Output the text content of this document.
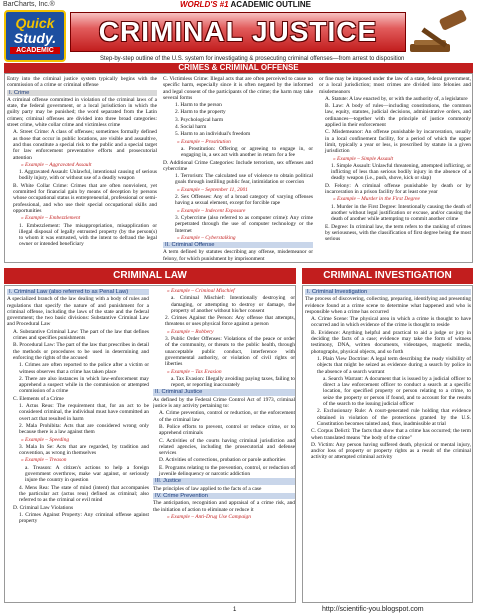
BarCharts, Inc.®	WORLD'S #1 ACADEMIC OUTLINE
Quick
Study.
ACADEMIC
CRIMINAL JUSTICE
Step-by-step outline of the U.S. system for investigating & prosecuting criminal offenses—from arrest to disposition
CRIMES & CRIMINAL OFFENSE
Entry into the criminal justice system typically begins with the commission of a crime or criminal offense
I. Crime
A criminal offense committed in violation of the criminal laws of a state, the federal government, or a local jurisdiction in which the guilty party may be punished; the word separated from the Latin crimen; criminal offenses are divided into three broad categories: street crime, white collar crime and victimless crime
A. Street Crime: A class of offenses; sometimes formally defined as those that occur in public locations, are visible and assaultive, and thus constitute a special risk to the public and a special target for law enforcement preventative efforts and prosecutorial attention
» Example – Aggravated Assault
1. Aggravated Assault: Unlawful, intentional causing of serious bodily injury, with or without use of a deadly weapon
B. White Collar Crime: Crimes that are often nonviolent, yet committed for financial gain by means of deception by persons whose occupational status is entrepreneurial, professional or semi-professional, and who use their special occupational skills and opportunities
» Example – Embezzlement
1. Embezzlement: The misappropriation, misapplication or illegal disposal of legally entrusted property (by the person(s) to whom it was entrusted, with the intent to defraud the legal owner or intended beneficiary
C. Victimless Crime: Illegal acts that are often perceived to cause no specific harm, especially since it is often negated by the informed and legal consent of the participants of the crime; the harm may take several forms
1. Harm to the person
2. Harm to the property
3. Psychological harm
4. Social harm
5. Harm to an individual's freedom
» Example – Prostitution
a. Prostitution: Offering or agreeing to engage in, or engaging in, a sex act with another in return for a fee
D. Additional Crime Categories: Include terrorism, sex offenses and cybercrime
1. Terrorism: The calculated use of violence to obtain political goals through instilling public fear, intimidation or coercion
» Example – September 11, 2001
2. Sex Offenses: Any of a broad category of varying offenses having a sexual element, except for forcible rape
» Example – Indecent Exposure
3. Cybercrime (also referred to as computer crime): Any crime perpetrated through the use of computer technology or the Internet
» Example – Cyberstalking
II. Criminal Offense
A term defined by statutes describing any offense, misdemeanor or felony, for which punishment by imprisonment
or fine may be imposed under the law of a state, federal government, or a local jurisdiction; most crimes are divided into felonies and misdemeanors
A. Statute: A law enacted by, or with the authority of, a legislature
B. Law: A body of rules—including constitutions, the common law, equity, statutes, judicial decisions, administrative orders, and ordinances—together with the principle of justice commonly applied in their enforcement
C. Misdemeanor: An offense punishable by incarceration, usually in a local confinement facility, for a period of which the upper limit, typically a year or less, is prescribed by statute in a given jurisdiction
» Example – Simple Assault
1. Simple Assault: Unlawful threatening, attempted inflicting, or inflicting of less than serious bodily injury in the absence of a deadly weapon (i.e., push, shove, kick or slap)
D. Felony: A criminal offense punishable by death or by incarceration in a prison facility for at least one year
» Example – Murder in the First Degree
1. Murder in the First Degree: Intentionally causing the death of another without legal justification or excuse, and/or causing the death of another while attempting to commit another crime
E. Degree: In criminal law, the term refers to the ranking of crimes by seriousness, with the classification of first degree being the most serious
CRIMINAL LAW
I. Criminal Law (also referred to as Penal Law)
A specialized branch of the law dealing with a body of rules and regulations that specify the nature of and punishment for a criminal offense, including the laws of the state and the federal government; the two basic divisions: Substantive Criminal Law and Procedural Law
A. Substantive Criminal Law: The part of the law that defines crimes and specifies punishments
B. Procedural Law: The part of the law that prescribes in detail the methods or procedures to be used in determining and enforcing the rights of the accused
1. Crimes are often reported to the police after a victim or witness observes that a crime has taken place
2. There are also instances in which law-enforcement may apprehend a suspect while in the commission or attempted commission of a crime
C. Elements of a Crime
1. Actus Reus: The requirement that, for an act to be considered criminal, the individual must have committed an overt act that resulted in harm
2. Mala Prohibita: Acts that are considered wrong only because there is a law against them
» Example – Speeding
3. Mala In Se: Acts that are regarded, by tradition and convention, as wrong in themselves
» Example – Treason
a. Treason: A citizen's actions to help a foreign government overthrow, make war against, or seriously injure the country in question
4. Mens Rea: The state of mind (intent) that accompanies the particular act (actus reus) defined as criminal; also referred to as the criminal or evil mind
D. Criminal Law Violations
1. Crimes Against Property: Any criminal offense against property
» Example – Criminal Mischief
a. Criminal Mischief: Intentionally destroying or damaging, or attempting to destroy or damage, the property of another without his/her consent
2. Crimes Against the Person: Any offense that attempts, threatens or uses physical force against a person
» Example – Robbery
3. Public Order Offenses: Violations of the peace or order of the community, or threats to the public health, through unacceptable public conduct, interference with governmental authority, or violation of civil rights or liberties
» Example – Tax Evasion
a. Tax Evasion: Illegally avoiding paying taxes, failing to report, or reporting inaccurately
II. Criminal Justice
As defined by the Federal Crime Control Act of 1973, criminal justice is any activity pertaining to:
A. Crime prevention, control or reduction, or the enforcement of the criminal law
B. Police efforts to prevent, control or reduce crime, or to apprehend criminals
C. Activities of the courts having criminal jurisdiction and related agencies, including the prosecutorial and defense services
D. Activities of corrections, probation or parole authorities
E. Programs relating to the prevention, control, or reduction of juvenile delinquency or narcotic addiction
III. Justice
The principles of law applied to the facts of a case
IV. Crime Prevention
The anticipation, recognition and appraisal of a crime risk, and the initiation of action to eliminate or reduce it
» Example – Anti-Drug Use Campaign
CRIMINAL INVESTIGATION
I. Criminal Investigation
The process of discovering, collecting, preparing, identifying and presenting evidence found at a crime scene to determine what happened and who is responsible when a crime has occurred
A. Crime Scene: The physical area in which a crime is thought to have occurred and in which evidence of the crime is thought to reside
B. Evidence: Anything helpful and practical to aid a judge or jury in deciding the facts of a case; evidence may take the form of witness testimony, DNA, written documents, videotapes, magnetic media, photographs, physical objects, and so forth
1. Plain View Doctrine: A legal term describing the ready visibility of objects that might be seized as evidence during a search by police in the absence of a search warrant
a. Search Warrant: A document that is issued by a judicial officer to direct a law enforcement officer to conduct a search at a specific location, for specified property or person relating to a crime, to seize the property or person if found, and to account for the results of the search to the issuing judicial officer
2. Exclusionary Rule: A court-generated rule holding that evidence obtained in violation of the protections granted by the U.S. Constitution becomes tainted and, thus, inadmissible at trial
C. Corpus Delicti: The facts that show that a crime has occurred; the term when translated means "the body of the crime"
D. Victim: Any person having suffered death, physical or mental injury, and/or loss of property or property rights as a result of the criminal activity or attempted criminal activity
1	http://scientific-you.blogspot.com
